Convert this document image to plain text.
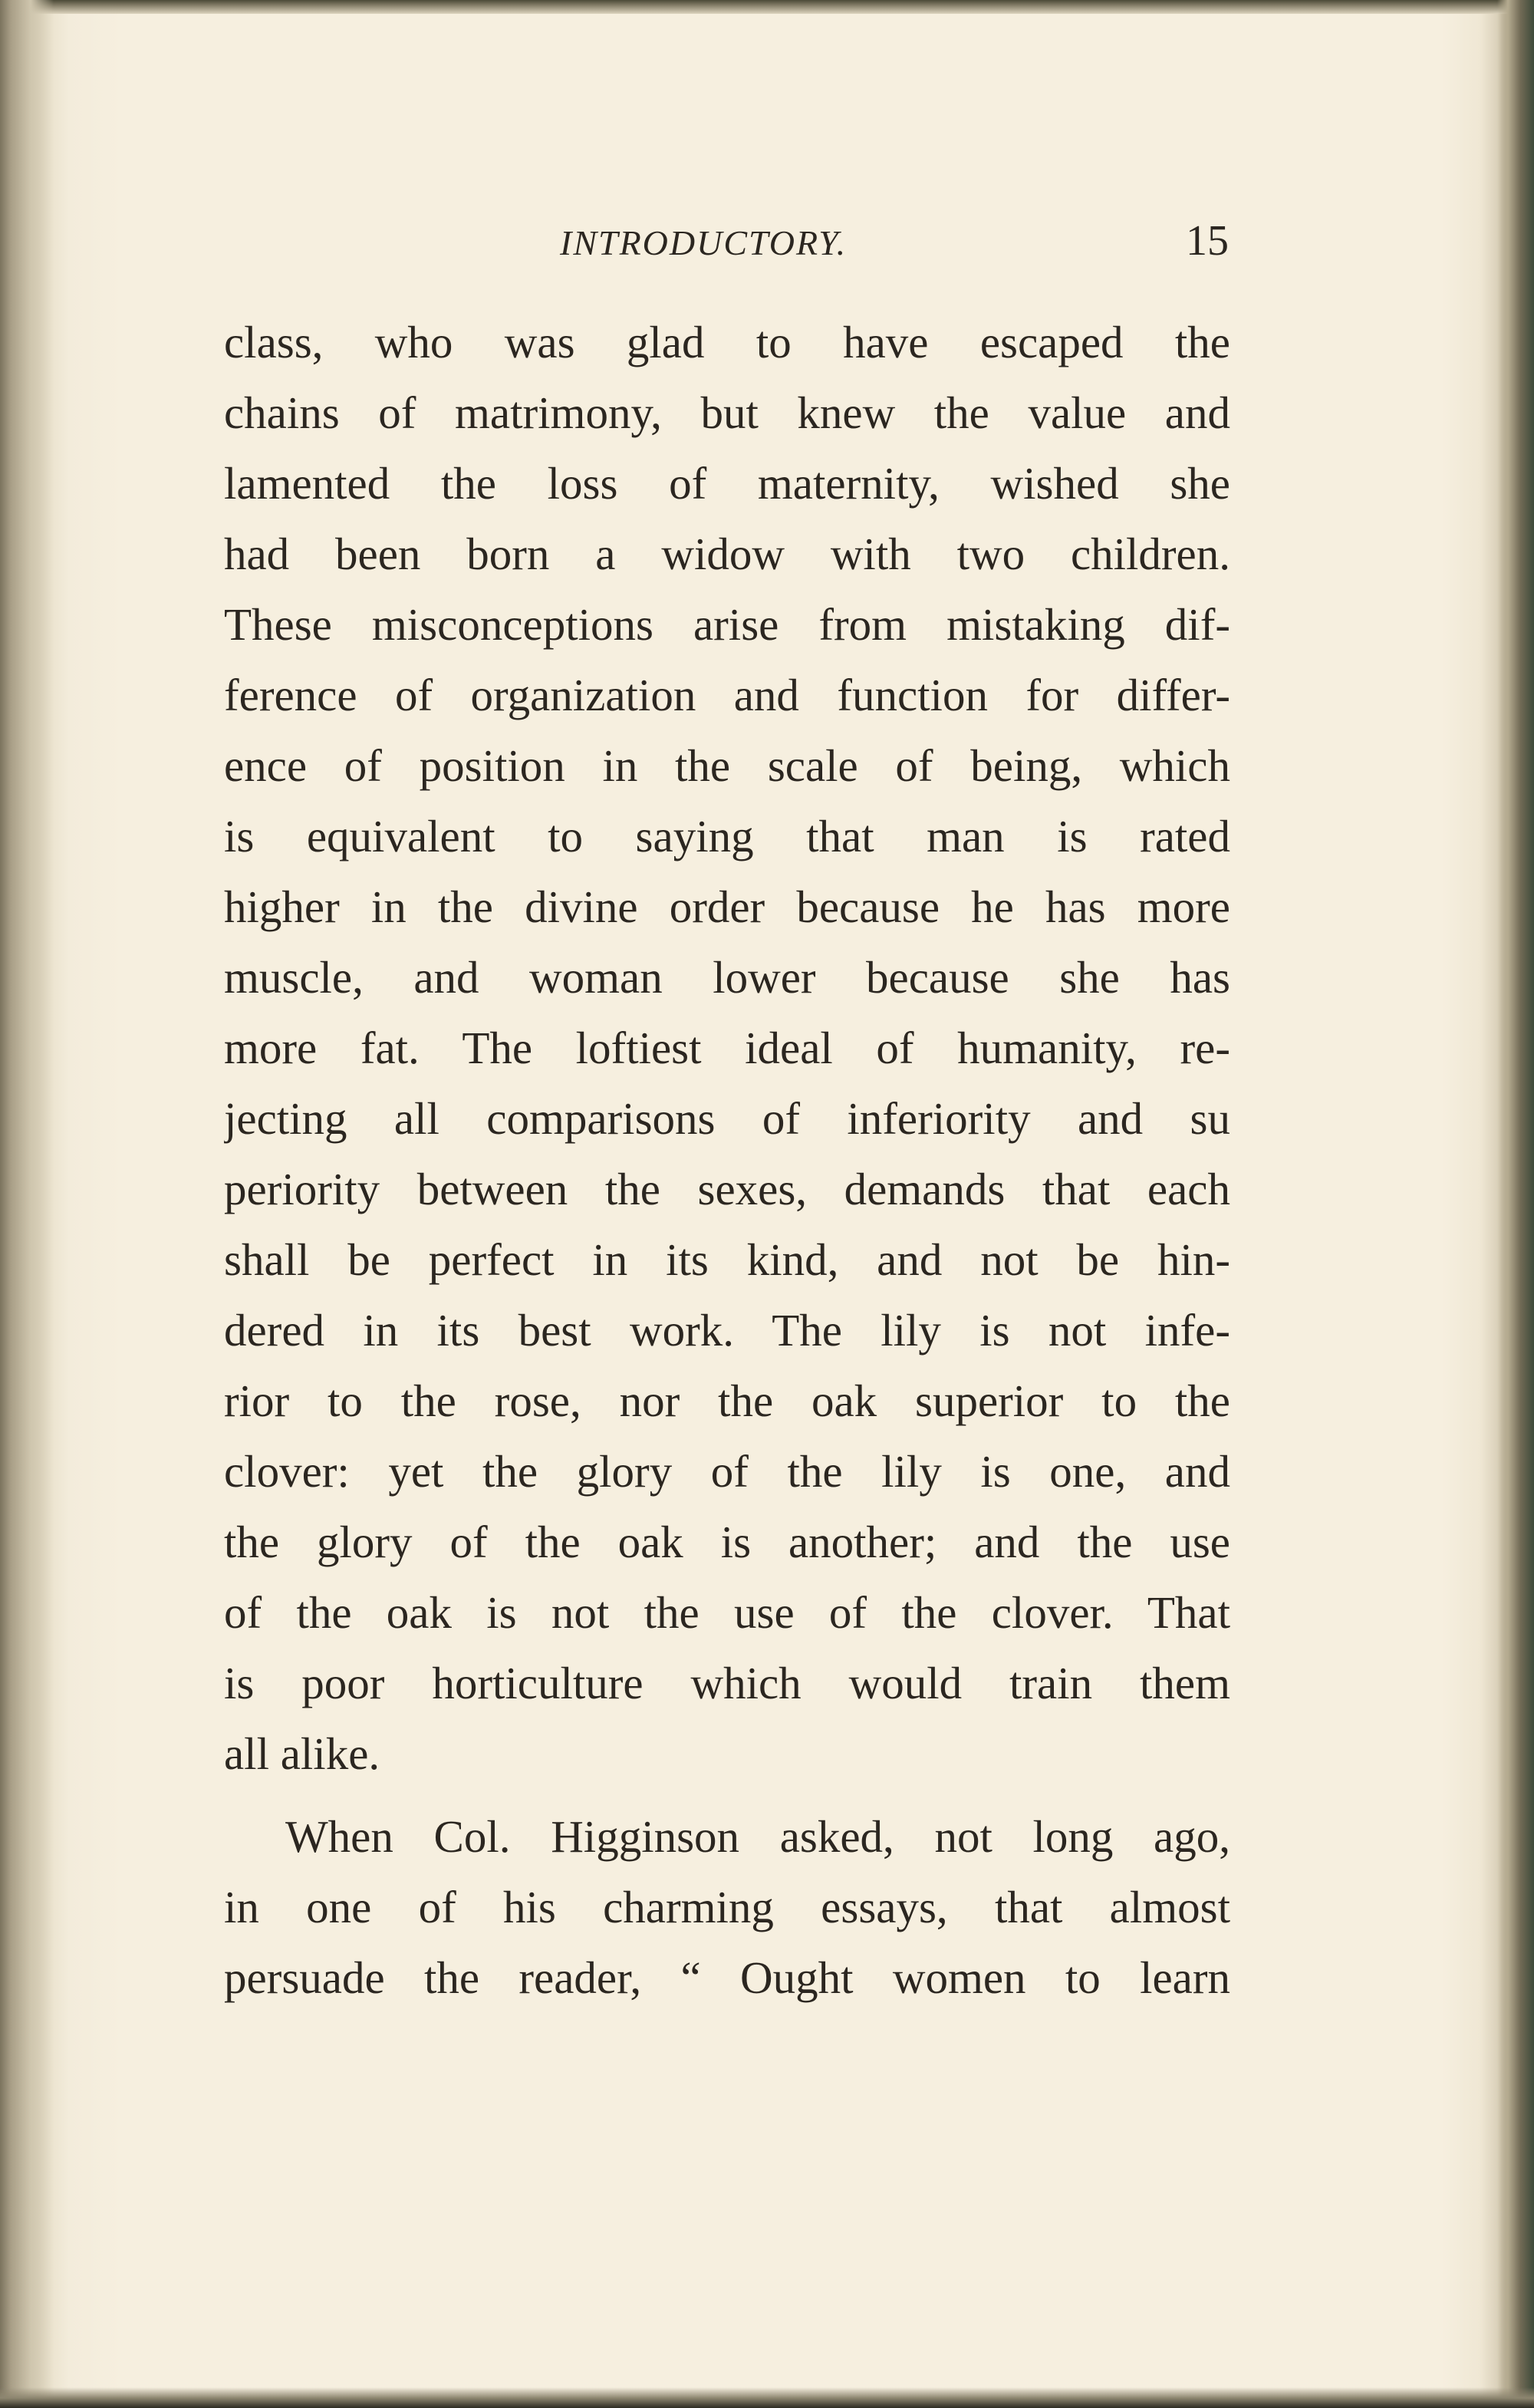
INTRODUCTORY.	15
class, who was glad to have escaped the
chains of matrimony, but knew the value and
lamented the loss of maternity, wished she
had been born a widow with two children.
These misconceptions arise from mistaking dif-
ference of organization and function for differ-
ence of position in the scale of being, which
is equivalent to saying that man is rated
higher in the divine order because he has more
muscle, and woman lower because she has
more fat. The loftiest ideal of humanity, re-
jecting all comparisons of inferiority and su
periority between the sexes, demands that each
shall be perfect in its kind, and not be hin-
dered in its best work. The lily is not infe-
rior to the rose, nor the oak superior to the
clover: yet the glory of the lily is one, and
the glory of the oak is another; and the use
of the oak is not the use of the clover. That
is poor horticulture which would train them
all alike.
When Col. Higginson asked, not long ago,
in one of his charming essays, that almost
persuade the reader, “ Ought women to learn
